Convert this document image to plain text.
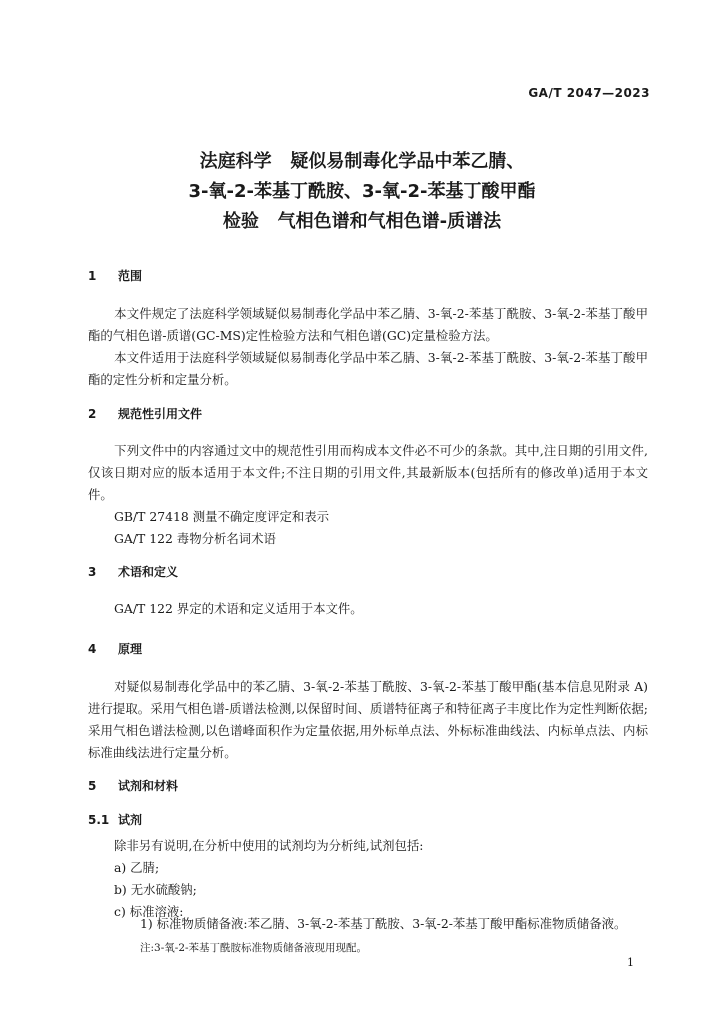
GA/T 2047—2023
法庭科学   疑似易制毒化学品中苯乙腈、
3-氧-2-苯基丁酰胺、3-氧-2-苯基丁酸甲酯
检验   气相色谱和气相色谱-质谱法
1 范围
本文件规定了法庭科学领域疑似易制毒化学品中苯乙腈、3-氧-2-苯基丁酰胺、3-氧-2-苯基丁酸甲酯的气相色谱-质谱(GC-MS)定性检验方法和气相色谱(GC)定量检验方法。
本文件适用于法庭科学领域疑似易制毒化学品中苯乙腈、3-氧-2-苯基丁酰胺、3-氧-2-苯基丁酸甲酯的定性分析和定量分析。
2 规范性引用文件
下列文件中的内容通过文中的规范性引用而构成本文件必不可少的条款。其中,注日期的引用文件,仅该日期对应的版本适用于本文件;不注日期的引用文件,其最新版本(包括所有的修改单)适用于本文件。
GB/T 27418 测量不确定度评定和表示
GA/T 122 毒物分析名词术语
3 术语和定义
GA/T 122 界定的术语和定义适用于本文件。
4 原理
对疑似易制毒化学品中的苯乙腈、3-氧-2-苯基丁酰胺、3-氧-2-苯基丁酸甲酯(基本信息见附录 A)进行提取。采用气相色谱-质谱法检测,以保留时间、质谱特征离子和特征离子丰度比作为定性判断依据;采用气相色谱法检测,以色谱峰面积作为定量依据,用外标单点法、外标标准曲线法、内标单点法、内标标准曲线法进行定量分析。
5 试剂和材料
5.1 试剂
除非另有说明,在分析中使用的试剂均为分析纯,试剂包括:
a) 乙腈;
b) 无水硫酸钠;
c) 标准溶液:
1) 标准物质储备液:苯乙腈、3-氧-2-苯基丁酰胺、3-氧-2-苯基丁酸甲酯标准物质储备液。
注:3-氧-2-苯基丁酰胺标准物质储备液现用现配。
1
